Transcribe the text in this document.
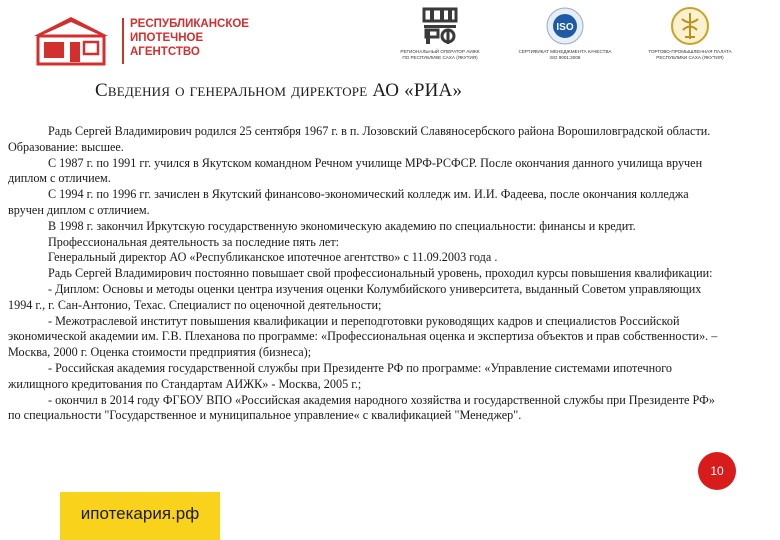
РЕСПУБЛИКАНСКОЕ
ИПОТЕЧНОЕ
АГЕНТСТВО	РЕГИОНАЛЬНЫЙ ОПЕРАТОР АИЖК
ПО РЕСПУБЛИКЕ САХА (ЯКУТИЯ)
ISO
СЕРТИФИКАТ МЕНЕДЖМЕНТА КАЧЕСТВА
ISO 9001:2008
ТОРГОВО-ПРОМЫШЛЕННАЯ ПАЛАТА
РЕСПУБЛИКИ САХА (ЯКУТИЯ)
Сведения о генеральном директоре АО «РИА»

Радь Сергей Владимирович родился 25 сентября 1967 г. в п. Лозовский Славяносербского района Ворошиловградской области. Образование: высшее.

С 1987 г. по 1991 гг. учился в Якутском командном Речном училище МРФ-РСФСР. После окончания данного училища вручен диплом с отличием.

С 1994 г. по 1996 гг. зачислен в Якутский финансово-экономический колледж им. И.И. Фадеева, после окончания колледжа вручен диплом с отличием.

В 1998 г. закончил Иркутскую государственную экономическую академию по специальности: финансы и кредит.

Профессиональная деятельность за последние пять лет:

Генеральный директор АО «Республиканское ипотечное агентство» с 11.09.2003 года .

Радь Сергей Владимирович постоянно повышает свой профессиональный уровень, проходил курсы повышения квалификации:

- Диплом: Основы и методы оценки центра изучения оценки Колумбийского университета, выданный Советом управляющих 1994 г., г. Сан-Антонио, Техас. Специалист по оценочной деятельности;

- Межотраслевой институт повышения квалификации и переподготовки руководящих кадров и специалистов Российской экономической академии им. Г.В. Плеханова по программе: «Профессиональная оценка и экспертиза объектов и прав собственности». – Москва, 2000 г. Оценка стоимости предприятия (бизнеса);

- Российская академия государственной службы при Президенте РФ по программе: «Управление системами ипотечного жилищного кредитования по Стандартам АИЖК» - Москва, 2005 г.;

- окончил в 2014 году ФГБОУ ВПО «Российская академия народного хозяйства и государственной службы при Президенте РФ» по специальности "Государственное и муниципальное управление« с квалификацией "Менеджер".

10
ипотекария.рф
